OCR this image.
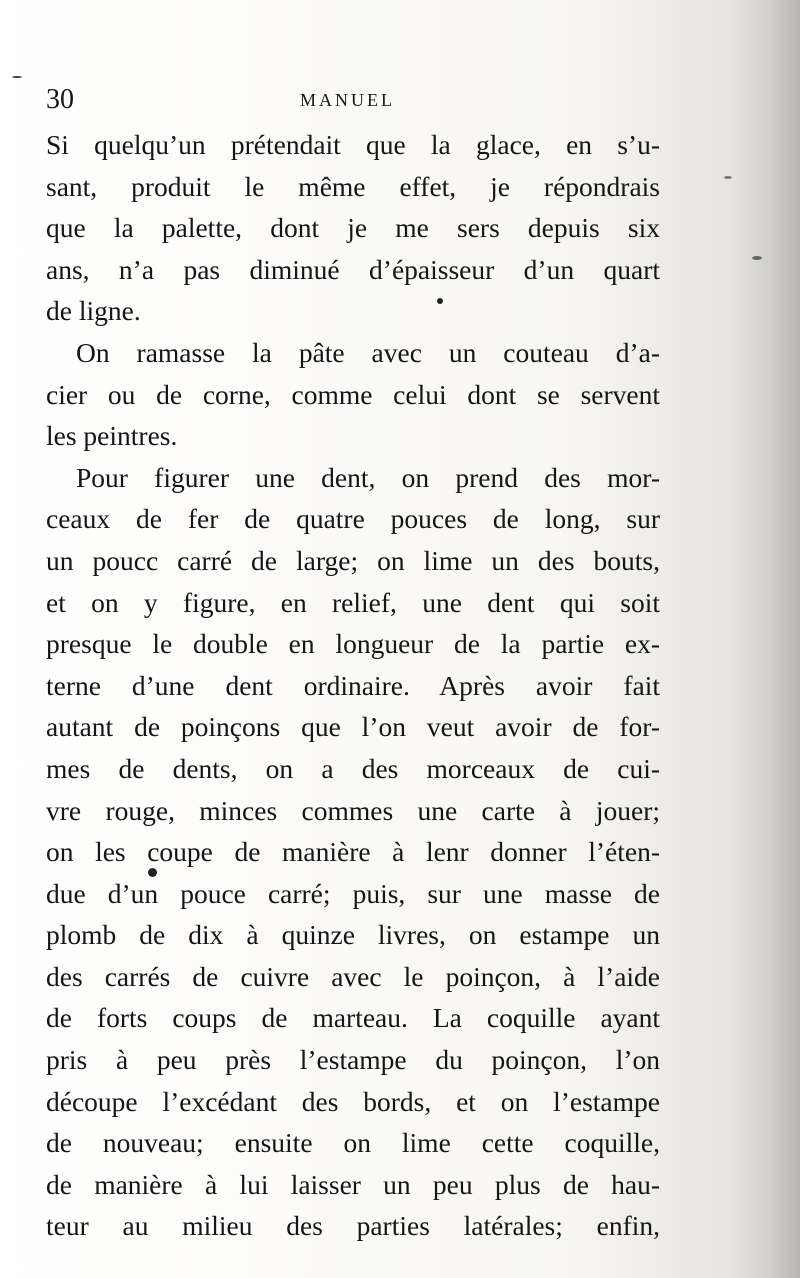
30	MANUEL
Si quelqu’un prétendait que la glace, en s’u-
sant, produit le même effet, je répondrais
que la palette, dont je me sers depuis six
ans, n’a pas diminué d’épaisseur d’un quart
de ligne.
On ramasse la pâte avec un couteau d’a-
cier ou de corne, comme celui dont se servent
les peintres.
Pour figurer une dent, on prend des mor-
ceaux de fer de quatre pouces de long, sur
un poucc carré de large; on lime un des bouts,
et on y figure, en relief, une dent qui soit
presque le double en longueur de la partie ex-
terne d’une dent ordinaire. Après avoir fait
autant de poinçons que l’on veut avoir de for-
mes de dents, on a des morceaux de cui-
vre rouge, minces commes une carte à jouer;
on les coupe de manière à lenr donner l’éten-
due d’un pouce carré; puis, sur une masse de
plomb de dix à quinze livres, on estampe un
des carrés de cuivre avec le poinçon, à l’aide
de forts coups de marteau. La coquille ayant
pris à peu près l’estampe du poinçon, l’on
découpe l’excédant des bords, et on l’estampe
de nouveau; ensuite on lime cette coquille,
de manière à lui laisser un peu plus de hau-
teur au milieu des parties latérales; enfin,
